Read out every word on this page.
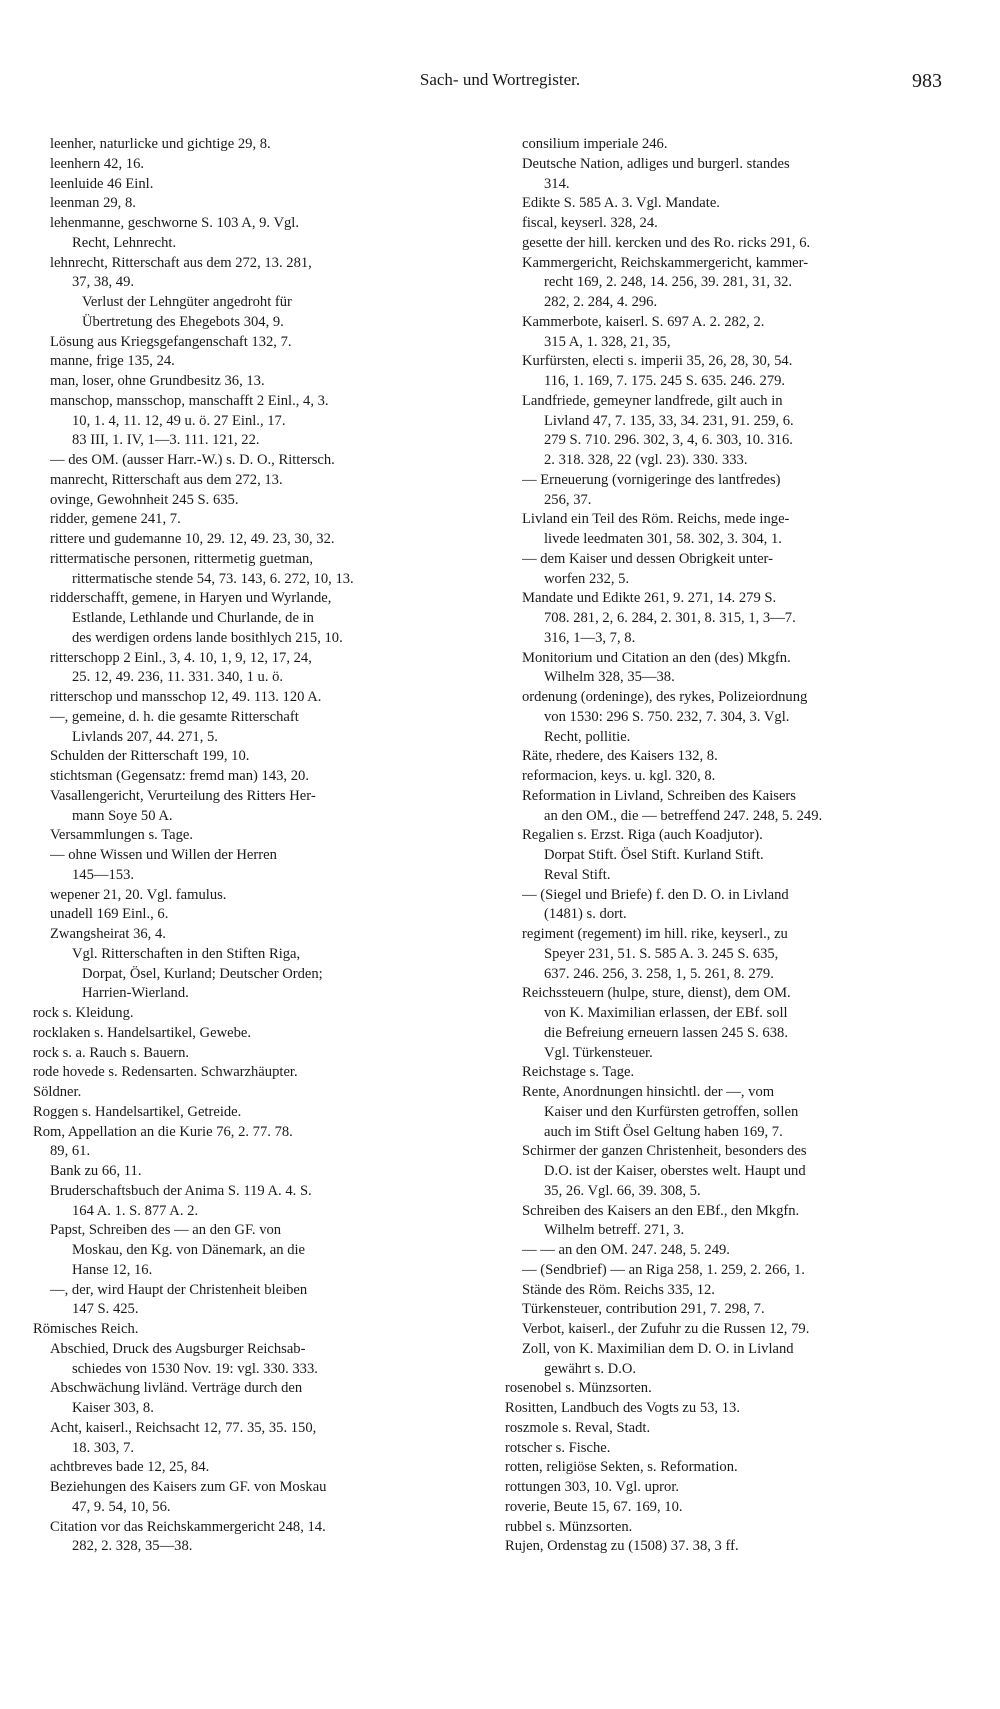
Sach- und Wortregister.	983

leenher, naturlicke und gichtige 29, 8.

leenhern 42, 16.

leenluide 46 Einl.

leenman 29, 8.

lehenmanne, geschworne S. 103 A, 9. Vgl.

Recht, Lehnrecht.

lehnrecht, Ritterschaft aus dem 272, 13. 281,

37, 38, 49.

Verlust der Lehngüter angedroht für

Übertretung des Ehegebots 304, 9.

Lösung aus Kriegsgefangenschaft 132, 7.

manne, frige 135, 24.

man, loser, ohne Grundbesitz 36, 13.

manschop, mansschop, manschafft 2 Einl., 4, 3.

10, 1. 4, 11. 12, 49 u. ö. 27 Einl., 17.

83 III, 1. IV, 1—3. 111. 121, 22.

— des OM. (ausser Harr.-W.) s. D. O., Rittersch.

manrecht, Ritterschaft aus dem 272, 13.

ovinge, Gewohnheit 245 S. 635.

ridder, gemene 241, 7.

rittere und gudemanne 10, 29. 12, 49. 23, 30, 32.

rittermatische personen, rittermetig guetman,

rittermatische stende 54, 73. 143, 6. 272, 10, 13.

ridderschafft, gemene, in Haryen und Wyrlande,

Estlande, Lethlande und Churlande, de in

des werdigen ordens lande bosithlych 215, 10.

ritterschopp 2 Einl., 3, 4. 10, 1, 9, 12, 17, 24,

25. 12, 49. 236, 11. 331. 340, 1 u. ö.

ritterschop und mansschop 12, 49. 113. 120 A.

—, gemeine, d. h. die gesamte Ritterschaft

Livlands 207, 44. 271, 5.

Schulden der Ritterschaft 199, 10.

stichtsman (Gegensatz: fremd man) 143, 20.

Vasallengericht, Verurteilung des Ritters Her-

mann Soye 50 A.

Versammlungen s. Tage.

— ohne Wissen und Willen der Herren

145—153.

wepener 21, 20. Vgl. famulus.

unadell 169 Einl., 6.

Zwangsheirat 36, 4.

Vgl. Ritterschaften in den Stiften Riga,

Dorpat, Ösel, Kurland; Deutscher Orden;

Harrien-Wierland.

rock s. Kleidung.

rocklaken s. Handelsartikel, Gewebe.

rock s. a. Rauch s. Bauern.

rode hovede s. Redensarten. Schwarzhäupter.

Söldner.

Roggen s. Handelsartikel, Getreide.

Rom, Appellation an die Kurie 76, 2. 77. 78.

89, 61.

Bank zu 66, 11.

Bruderschaftsbuch der Anima S. 119 A. 4. S.

164 A. 1. S. 877 A. 2.

Papst, Schreiben des — an den GF. von

Moskau, den Kg. von Dänemark, an die

Hanse 12, 16.

—, der, wird Haupt der Christenheit bleiben

147 S. 425.

Römisches Reich.

Abschied, Druck des Augsburger Reichsab-

schiedes von 1530 Nov. 19: vgl. 330. 333.

Abschwächung livländ. Verträge durch den

Kaiser 303, 8.

Acht, kaiserl., Reichsacht 12, 77. 35, 35. 150,

18. 303, 7.

achtbreves bade 12, 25, 84.

Beziehungen des Kaisers zum GF. von Moskau

47, 9. 54, 10, 56.

Citation vor das Reichskammergericht 248, 14.

282, 2. 328, 35—38.

consilium imperiale 246.

Deutsche Nation, adliges und burgerl. standes

314.

Edikte S. 585 A. 3. Vgl. Mandate.

fiscal, keyserl. 328, 24.

gesette der hill. kercken und des Ro. ricks 291, 6.

Kammergericht, Reichskammergericht, kammer-

recht 169, 2. 248, 14. 256, 39. 281, 31, 32.

282, 2. 284, 4. 296.

Kammerbote, kaiserl. S. 697 A. 2. 282, 2.

315 A, 1. 328, 21, 35,

Kurfürsten, electi s. imperii 35, 26, 28, 30, 54.

116, 1. 169, 7. 175. 245 S. 635. 246. 279.

Landfriede, gemeyner landfrede, gilt auch in

Livland 47, 7. 135, 33, 34. 231, 91. 259, 6.

279 S. 710. 296. 302, 3, 4, 6. 303, 10. 316.

2. 318. 328, 22 (vgl. 23). 330. 333.

— Erneuerung (vornigeringe des lantfredes)

256, 37.

Livland ein Teil des Röm. Reichs, mede inge-

livede leedmaten 301, 58. 302, 3. 304, 1.

— dem Kaiser und dessen Obrigkeit unter-

worfen 232, 5.

Mandate und Edikte 261, 9. 271, 14. 279 S.

708. 281, 2, 6. 284, 2. 301, 8. 315, 1, 3—7.

316, 1—3, 7, 8.

Monitorium und Citation an den (des) Mkgfn.

Wilhelm 328, 35—38.

ordenung (ordeninge), des rykes, Polizeiordnung

von 1530: 296 S. 750. 232, 7. 304, 3. Vgl.

Recht, pollitie.

Räte, rhedere, des Kaisers 132, 8.

reformacion, keys. u. kgl. 320, 8.

Reformation in Livland, Schreiben des Kaisers

an den OM., die — betreffend 247. 248, 5. 249.

Regalien s. Erzst. Riga (auch Koadjutor).

Dorpat Stift. Ösel Stift. Kurland Stift.

Reval Stift.

— (Siegel und Briefe) f. den D. O. in Livland

(1481) s. dort.

regiment (regement) im hill. rike, keyserl., zu

Speyer 231, 51. S. 585 A. 3. 245 S. 635,

637. 246. 256, 3. 258, 1, 5. 261, 8. 279.

Reichssteuern (hulpe, sture, dienst), dem OM.

von K. Maximilian erlassen, der EBf. soll

die Befreiung erneuern lassen 245 S. 638.

Vgl. Türkensteuer.

Reichstage s. Tage.

Rente, Anordnungen hinsichtl. der —, vom

Kaiser und den Kurfürsten getroffen, sollen

auch im Stift Ösel Geltung haben 169, 7.

Schirmer der ganzen Christenheit, besonders des

D.O. ist der Kaiser, oberstes welt. Haupt und

35, 26. Vgl. 66, 39. 308, 5.

Schreiben des Kaisers an den EBf., den Mkgfn.

Wilhelm betreff. 271, 3.

— — an den OM. 247. 248, 5. 249.

— (Sendbrief) — an Riga 258, 1. 259, 2. 266, 1.

Stände des Röm. Reichs 335, 12.

Türkensteuer, contribution 291, 7. 298, 7.

Verbot, kaiserl., der Zufuhr zu die Russen 12, 79.

Zoll, von K. Maximilian dem D. O. in Livland

gewährt s. D.O.

rosenobel s. Münzsorten.

Rositten, Landbuch des Vogts zu 53, 13.

roszmole s. Reval, Stadt.

rotscher s. Fische.

rotten, religiöse Sekten, s. Reformation.

rottungen 303, 10. Vgl. upror.

roverie, Beute 15, 67. 169, 10.

rubbel s. Münzsorten.

Rujen, Ordenstag zu (1508) 37. 38, 3 ff.
